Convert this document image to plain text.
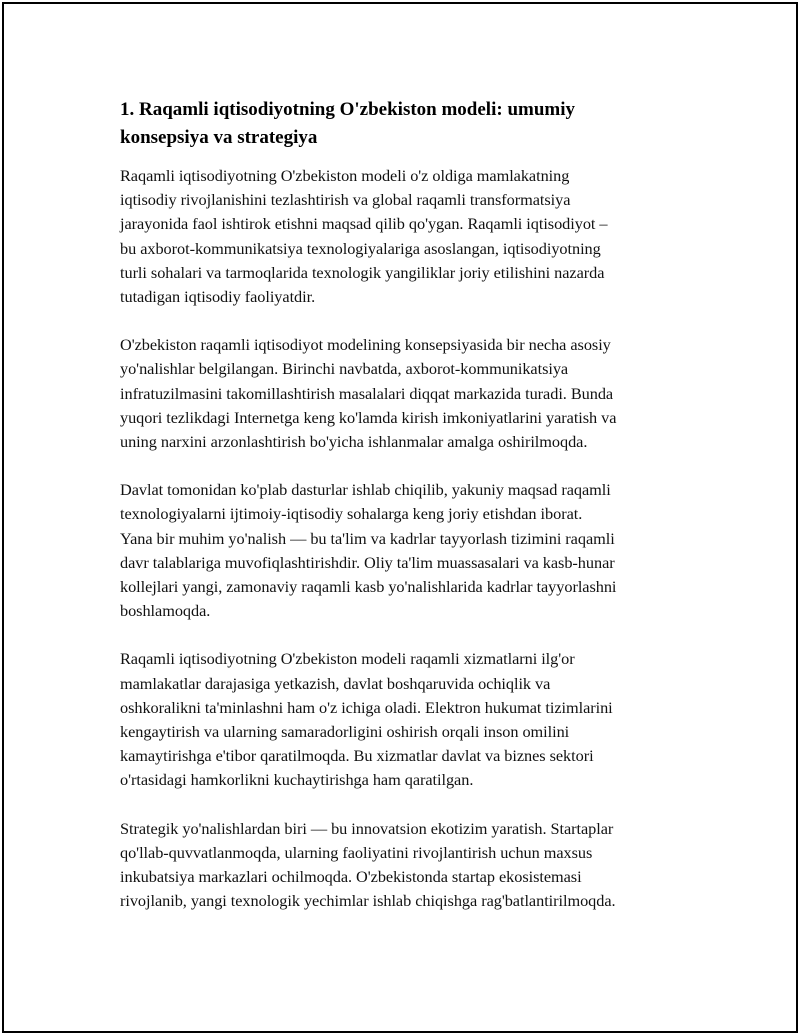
1. Raqamli iqtisodiyotning O'zbekiston modeli: umumiy
konsepsiya va strategiya

Raqamli iqtisodiyotning O'zbekiston modeli o'z oldiga mamlakatning
iqtisodiy rivojlanishini tezlashtirish va global raqamli transformatsiya
jarayonida faol ishtirok etishni maqsad qilib qo'ygan. Raqamli iqtisodiyot –
bu axborot-kommunikatsiya texnologiyalariga asoslangan, iqtisodiyotning
turli sohalari va tarmoqlarida texnologik yangiliklar joriy etilishini nazarda
tutadigan iqtisodiy faoliyatdir.

O'zbekiston raqamli iqtisodiyot modelining konsepsiyasida bir necha asosiy
yo'nalishlar belgilangan. Birinchi navbatda, axborot-kommunikatsiya
infratuzilmasini takomillashtirish masalalari diqqat markazida turadi. Bunda
yuqori tezlikdagi Internetga keng ko'lamda kirish imkoniyatlarini yaratish va
uning narxini arzonlashtirish bo'yicha ishlanmalar amalga oshirilmoqda.

Davlat tomonidan ko'plab dasturlar ishlab chiqilib, yakuniy maqsad raqamli
texnologiyalarni ijtimoiy-iqtisodiy sohalarga keng joriy etishdan iborat.
Yana bir muhim yo'nalish — bu ta'lim va kadrlar tayyorlash tizimini raqamli
davr talablariga muvofiqlashtirishdir. Oliy ta'lim muassasalari va kasb-hunar
kollejlari yangi, zamonaviy raqamli kasb yo'nalishlarida kadrlar tayyorlashni
boshlamoqda.

Raqamli iqtisodiyotning O'zbekiston modeli raqamli xizmatlarni ilg'or
mamlakatlar darajasiga yetkazish, davlat boshqaruvida ochiqlik va
oshkoralikni ta'minlashni ham o'z ichiga oladi. Elektron hukumat tizimlarini
kengaytirish va ularning samaradorligini oshirish orqali inson omilini
kamaytirishga e'tibor qaratilmoqda. Bu xizmatlar davlat va biznes sektori
o'rtasidagi hamkorlikni kuchaytirishga ham qaratilgan.

Strategik yo'nalishlardan biri — bu innovatsion ekotizim yaratish. Startaplar
qo'llab-quvvatlanmoqda, ularning faoliyatini rivojlantirish uchun maxsus
inkubatsiya markazlari ochilmoqda. O'zbekistonda startap ekosistemasi
rivojlanib, yangi texnologik yechimlar ishlab chiqishga rag'batlantirilmoqda.
